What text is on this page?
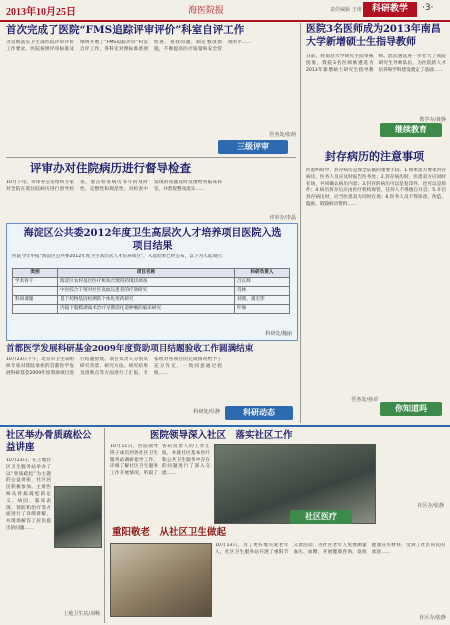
2013年10月25日	海医院报	责任编辑 王靖	科研教学	·3·
首次完成了医院“FMS追踪评审评价”科室自评工作
为贯彻落实卫生部医院评审评价工作要求，医院按照评审标准及细则开展了“FMS追踪评价”科室自评工作，各科室对照标准逐项检查，查找问题，制定整改措施，不断提高医疗质量和安全管理水平……
医务处/张萌
三级评审
医院3名医师成为2013年南昌大学新增硕士生指导教师
日前，经南昌大学研究生院审核批准，我院3名医师被遴选为2013年新增硕士研究生指导教师。此次遴选进一步壮大了我院研究生导师队伍，为医院的人才培养和学科建设奠定了基础……
教学办/黄静
继续教育
评审办对住院病历进行督导检查
10月下旬，评审办公室组织专家对全院在架住院病历进行督导检查，重点检查病历书写的及时性、完整性和规范性，对检查中发现的问题及时反馈给各临床科室，并督促整改落实……
评审办/李晶
海淀区公共委2012年度卫生高层次人才培养项目医院入选项目结果
医院今年申报“海淀区公共委2012年度卫生高层次人才培养项目”，入选结果已经公布，以下为入选项目：
类别	项目名称	科研负责人
学术骨干	海淀区农村基层医疗机构合理用药现状调查	吕长辉
	中医综合干预对社区高血压患者的疗效研究	肖林
科研课题	基于药物基因检测的个体化用药研究	刘燕、虞宏伟
	内镜下黏膜剥离术治疗早期消化道肿瘤的临床研究	叶俊
科研处/魏丽
首都医学发展科研基金2009年度资助项目结题验收工作圆满结束
10月23日下午，北京市卫生局组织专家对我院承担的首都医学发展科研基金2009年度资助项目进行结题验收。项目负责人分别从研究背景、研究方法、研究结果及创新点等方面进行了汇报，专家组对各项目的完成情况给予了充分肯定，一致同意通过验收……
科研处/任静	科研动态
封存病历的注意事项
医患纠纷中，封存病历是保全证据的重要手段。1.如果患方要求封存病历，医务人员应及时报告医务处；2.封存病历时，医患双方应同时在场，共同确认病历内容；3.封存的病历可以是复印件，也可以是原件；4.病历封存后应由医疗机构保管，任何人不得擅自开启；5.开启封存病历时，应当医患双方同时在场；6.医务人员不得涂改、伪造、隐匿、销毁病历资料……
医务处/孙菲
你知道吗
社区举办骨质疏松公益讲座
10月23日，在上地社区卫生服务站举办了以“骨质疏松”为主题的公益讲座，社区居民积极参加。主讲医师从骨质疏松的定义、病因、临床表现、预防和治疗等方面进行了详细讲解，并现场解答了居民提出的问题……
上地卫生站/刘畅
医院领导深入社区　落实社区工作
10月11日，医院领导班子成员到各社区卫生服务站调研指导工作，详细了解社区卫生服务工作开展情况，听取了各站负责人的工作汇报，并就社区基本医疗和公共卫生服务中存在的问题进行了深入交流……
社区办/张静
社区医疗
重阳敬老　从社区卫生做起
10月13日，为了更好地关爱老年人，社区卫生服务站开展了重阳节义诊活动，为社区老年人免费测量血压、血糖，开展健康咨询，发放健康宣传材料，受到了社区居民的欢迎……
社区办/张静
